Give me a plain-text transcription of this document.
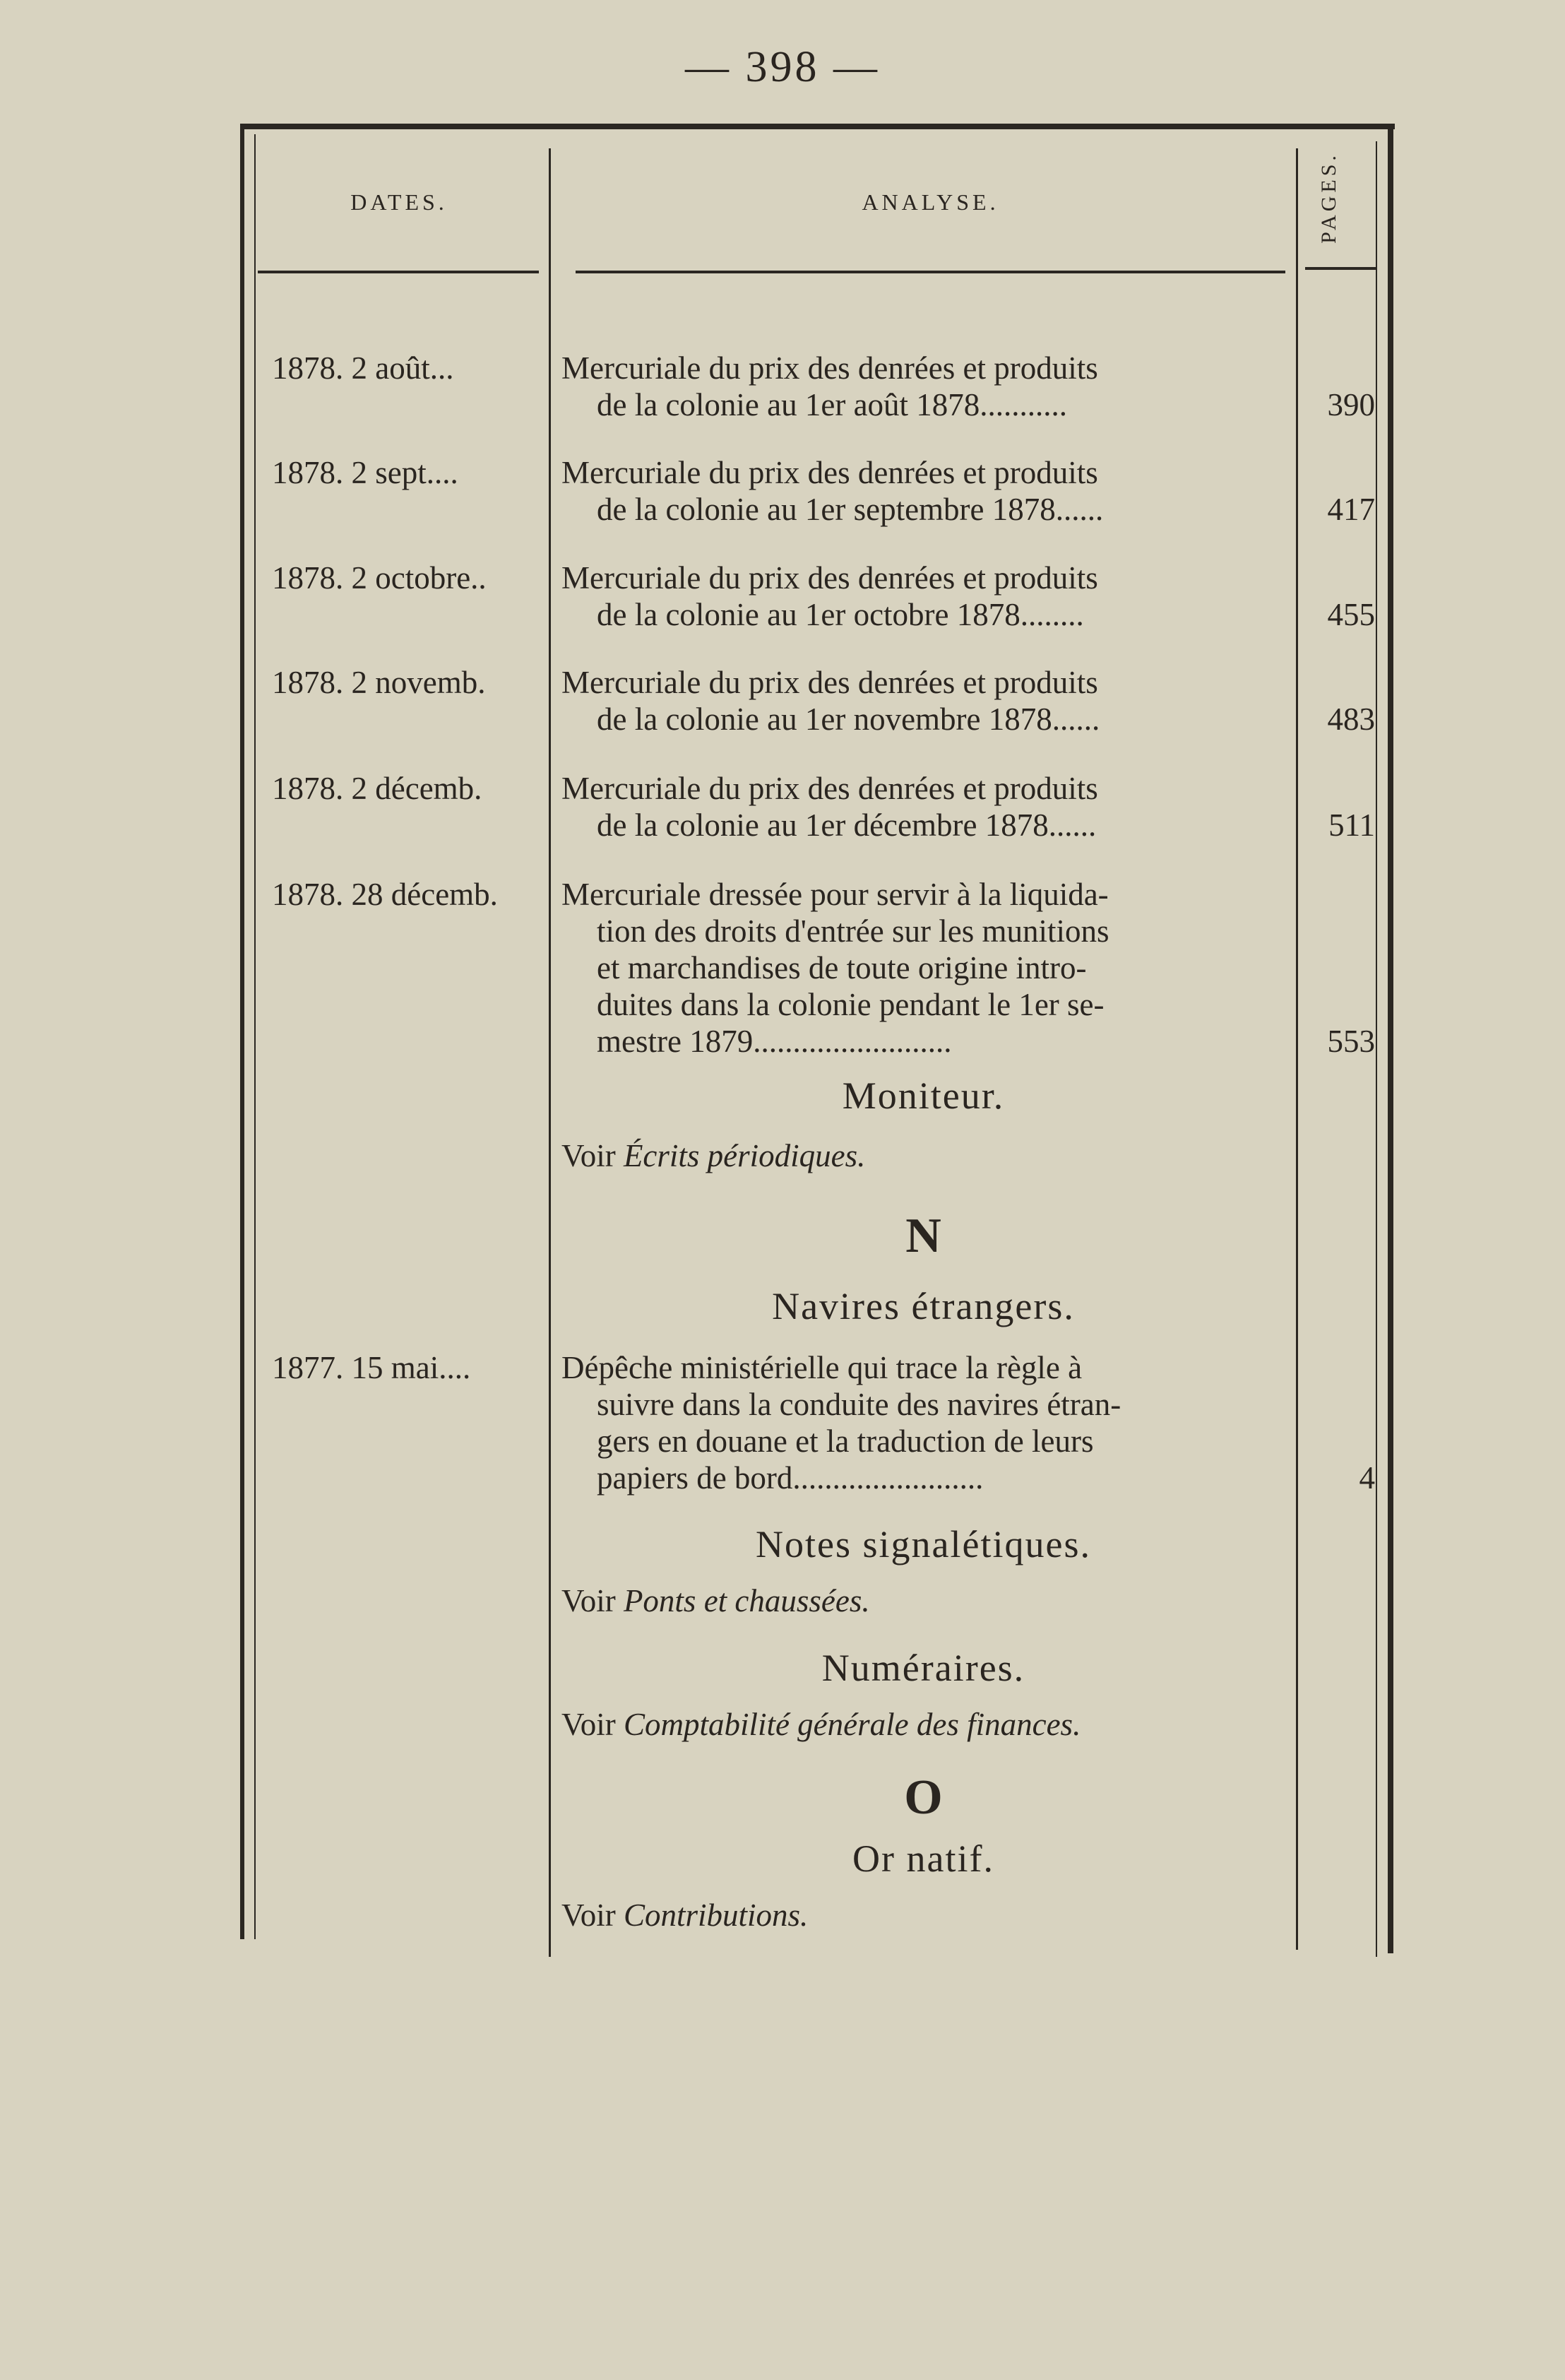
— 398 —
DATES.	ANALYSE.	PAGES.
1878. 2 août...	Mercuriale du prix des denrées et produits
de la colonie au 1er août 1878...........	390
1878. 2 sept....	Mercuriale du prix des denrées et produits
de la colonie au 1er septembre 1878......	417
1878. 2 octobre..	Mercuriale du prix des denrées et produits
de la colonie au 1er octobre 1878........	455
1878. 2 novemb.	Mercuriale du prix des denrées et produits
de la colonie au 1er novembre 1878......	483
1878. 2 décemb.	Mercuriale du prix des denrées et produits
de la colonie au 1er décembre 1878......	511
1878. 28 décemb.	Mercuriale dressée pour servir à la liquida-
tion des droits d'entrée sur les munitions
et marchandises de toute origine intro-
duites dans la colonie pendant le 1er se-
mestre 1879.........................	553
Moniteur.
Voir Écrits périodiques.
N
Navires étrangers.
1877. 15 mai....	Dépêche ministérielle qui trace la règle à
suivre dans la conduite des navires étran-
gers en douane et la traduction de leurs
papiers de bord........................	4
Notes signalétiques.
Voir Ponts et chaussées.
Numéraires.
Voir Comptabilité générale des finances.
O
Or natif.
Voir Contributions.
